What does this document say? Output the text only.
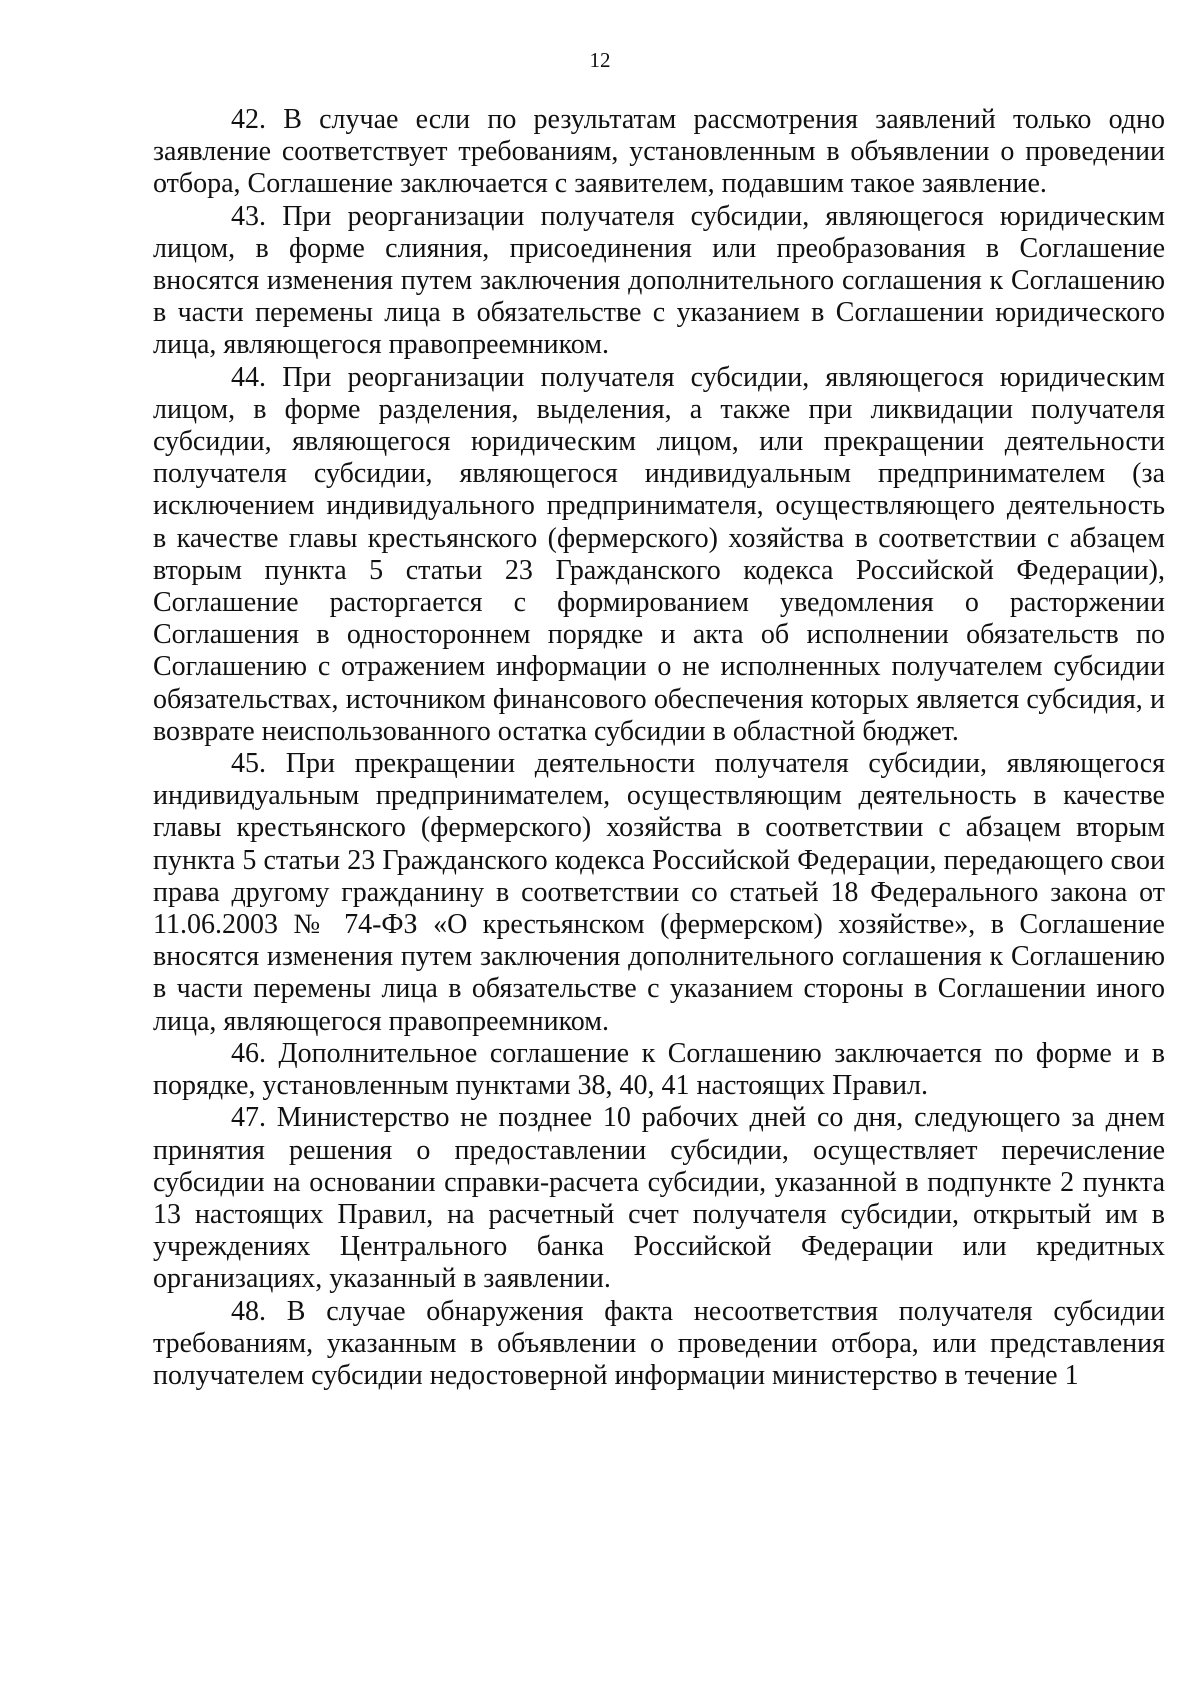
12

42. В случае если по результатам рассмотрения заявлений только одно заявление соответствует требованиям, установленным в объявлении о проведении отбора, Соглашение заключается с заявителем, подавшим такое заявление.

43. При реорганизации получателя субсидии, являющегося юридическим лицом, в форме слияния, присоединения или преобразования в Соглашение вносятся изменения путем заключения дополнительного соглашения к Соглашению в части перемены лица в обязательстве с указанием в Соглашении юридического лица, являющегося правопреемником.

44. При реорганизации получателя субсидии, являющегося юридическим лицом, в форме разделения, выделения, а также при ликвидации получателя субсидии, являющегося юридическим лицом, или прекращении деятельности получателя субсидии, являющегося индивидуальным предпринимателем (за исключением индивидуального предпринимателя, осуществляющего деятельность в качестве главы крестьянского (фермерского) хозяйства в соответствии с абзацем вторым пункта 5 статьи 23 Гражданского кодекса Российской Федерации), Соглашение расторгается с формированием уведомления о расторжении Соглашения в одностороннем порядке и акта об исполнении обязательств по Соглашению с отражением информации о не исполненных получателем субсидии обязательствах, источником финансового обеспечения которых является субсидия, и возврате неиспользованного остатка субсидии в областной бюджет.

45. При прекращении деятельности получателя субсидии, являющегося индивидуальным предпринимателем, осуществляющим деятельность в качестве главы крестьянского (фермерского) хозяйства в соответствии с абзацем вторым пункта 5 статьи 23 Гражданского кодекса Российской Федерации, передающего свои права другому гражданину в соответствии со статьей 18 Федерального закона от 11.06.2003 № 74-ФЗ «О крестьянском (фермерском) хозяйстве», в Соглашение вносятся изменения путем заключения дополнительного соглашения к Соглашению в части перемены лица в обязательстве с указанием стороны в Соглашении иного лица, являющегося правопреемником.

46. Дополнительное соглашение к Соглашению заключается по форме и в порядке, установленным пунктами 38, 40, 41 настоящих Правил.

47. Министерство не позднее 10 рабочих дней со дня, следующего за днем принятия решения о предоставлении субсидии, осуществляет перечисление субсидии на основании справки-расчета субсидии, указанной в подпункте 2 пункта 13 настоящих Правил, на расчетный счет получателя субсидии, открытый им в учреждениях Центрального банка Российской Федерации или кредитных организациях, указанный в заявлении.

48. В случае обнаружения факта несоответствия получателя субсидии требованиям, указанным в объявлении о проведении отбора, или представления получателем субсидии недостоверной информации министерство в течение 1
